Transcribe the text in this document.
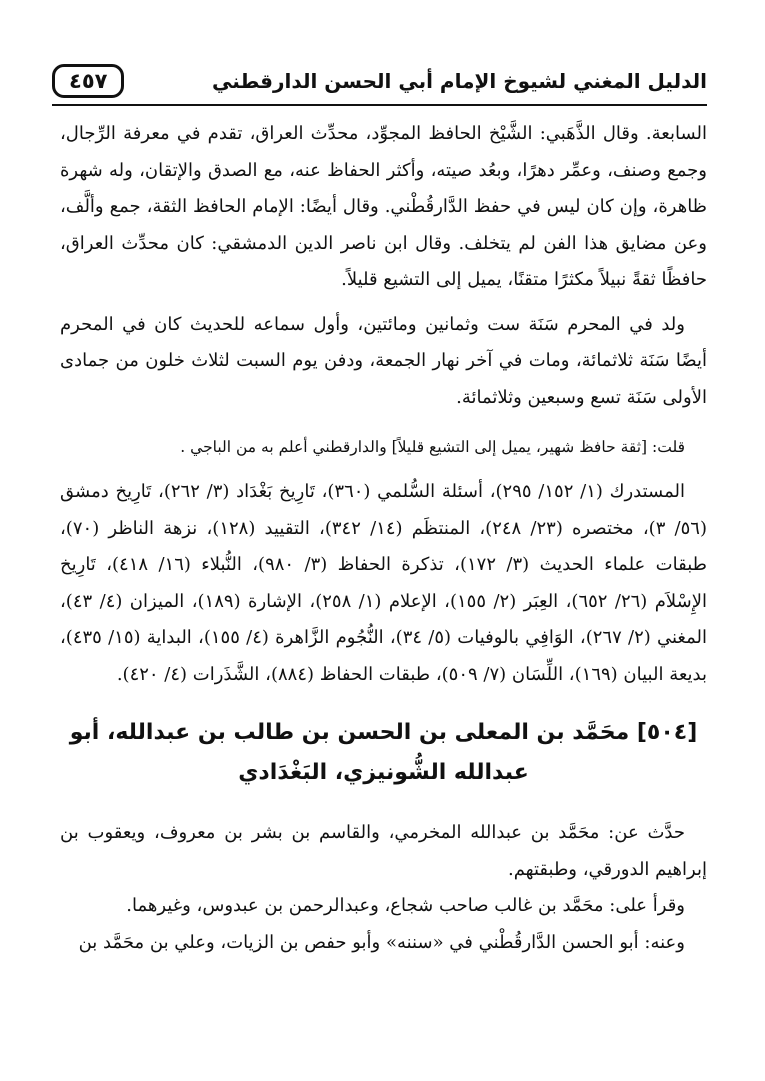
الدليل المغني لشيوخ الإمام أبي الحسن الدارقطني
٤٥٧

السابعة. وقال الذَّهَبي: الشَّيْخ الحافظ المجوِّد، محدِّث العراق، تقدم في معرفة الرِّجال، وجمع وصنف، وعمِّر دهرًا، وبعُد صيته، وأكثر الحفاظ عنه، مع الصدق والإتقان، وله شهرة ظاهرة، وإن كان ليس في حفظ الدَّارقُطْني. وقال أيضًا: الإمام الحافظ الثقة، جمع وألَّف، وعن مضايق هذا الفن لم يتخلف. وقال ابن ناصر الدين الدمشقي: كان محدِّث العراق، حافظًا ثقةً نبيلاً مكثرًا متقنًا، يميل إلى التشيع قليلاً.

ولد في المحرم سَنَة ست وثمانين ومائتين، وأول سماعه للحديث كان في المحرم أيضًا سَنَة ثلاثمائة، ومات في آخر نهار الجمعة، ودفن يوم السبت لثلاث خلون من جمادى الأولى سَنَة تسع وسبعين وثلاثمائة.

قلت: [ثقة حافظ شهير، يميل إلى التشيع قليلاً] والدارقطني أعلم به من الباجي .

المستدرك (١/ ١٥٢/ ٢٩٥)، أسئلة السُّلمي (٣٦٠)، تَارِيخ بَغْدَاد (٣/ ٢٦٢)، تَارِيخ دمشق (٥٦/ ٣)، مختصره (٢٣/ ٢٤٨)، المنتظَم (١٤/ ٣٤٢)، التقييد (١٢٨)، نزهة الناظر (٧٠)، طبقات علماء الحديث (٣/ ١٧٢)، تذكرة الحفاظ (٣/ ٩٨٠)، النُّبلاء (١٦/ ٤١٨)، تَارِيخ الإِسْلاَم (٢٦/ ٦٥٢)، العِبَر (٢/ ١٥٥)، الإعلام (١/ ٢٥٨)، الإشارة (١٨٩)، الميزان (٤/ ٤٣)، المغني (٢/ ٢٦٧)، الوَافِي بالوفيات (٥/ ٣٤)، النُّجُوم الزَّاهرة (٤/ ١٥٥)، البداية (١٥/ ٤٣٥)، بديعة البيان (١٦٩)، اللِّسَان (٧/ ٥٠٩)، طبقات الحفاظ (٨٨٤)، الشَّذَرات (٤/ ٤٢٠).

[٥٠٤] محَمَّد بن المعلى بن الحسن بن طالب بن عبدالله، أبو
عبدالله الشُّونيزي، البَغْدَادي

حدَّث عن: محَمَّد بن عبدالله المخرمي، والقاسم بن بشر بن معروف، ويعقوب بن إبراهيم الدورقي، وطبقتهم.

وقرأ على: محَمَّد بن غالب صاحب شجاع، وعبدالرحمن بن عبدوس، وغيرهما.

وعنه: أبو الحسن الدَّارقُطْني في «سننه» وأبو حفص بن الزيات، وعلي بن محَمَّد بن
